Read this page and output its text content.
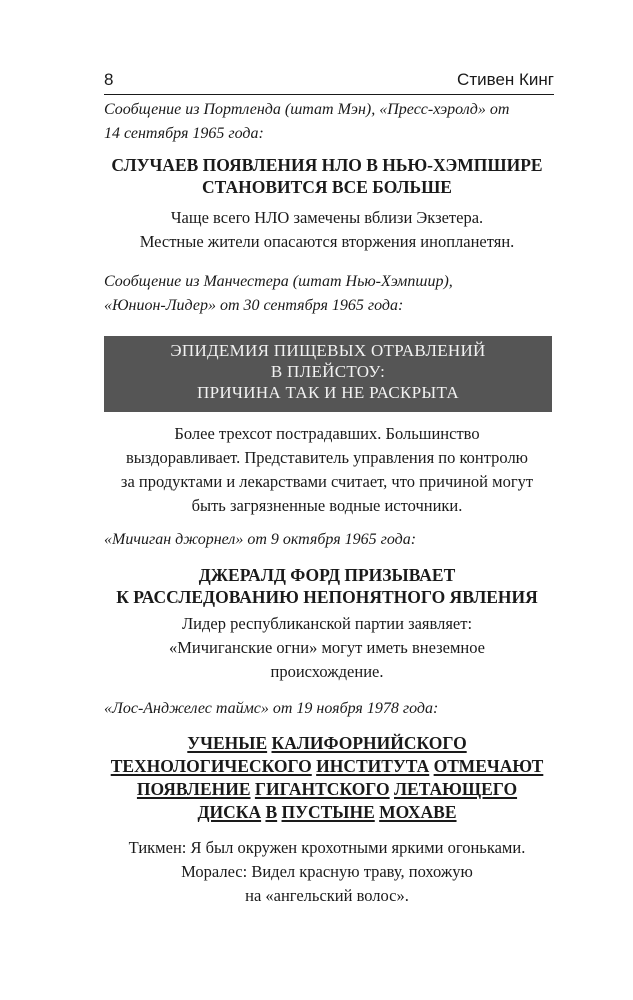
8	Стивен Кинг
Сообщение из Портленда (штат Мэн), «Пресс-хэролд» от
14 сентября 1965 года:
СЛУЧАЕВ ПОЯВЛЕНИЯ НЛО В НЬЮ-ХЭМПШИРЕ
СТАНОВИТСЯ ВСЕ БОЛЬШЕ
Чаще всего НЛО замечены вблизи Экзетера.
Местные жители опасаются вторжения инопланетян.
Сообщение из Манчестера (штат Нью-Хэмпшир),
«Юнион-Лидер» от 30 сентября 1965 года:
ЭПИДЕМИЯ ПИЩЕВЫХ ОТРАВЛЕНИЙ
В ПЛЕЙСТОУ:
ПРИЧИНА ТАК И НЕ РАСКРЫТА
Более трехсот пострадавших. Большинство
выздоравливает. Представитель управления по контролю
за продуктами и лекарствами считает, что причиной могут
быть загрязненные водные источники.
«Мичиган джорнел» от 9 октября 1965 года:
ДЖЕРАЛД ФОРД ПРИЗЫВАЕТ
К РАССЛЕДОВАНИЮ НЕПОНЯТНОГО ЯВЛЕНИЯ
Лидер республиканской партии заявляет:
«Мичиганские огни» могут иметь внеземное
происхождение.
«Лос-Анджелес таймс» от 19 ноября 1978 года:
УЧЕНЫЕ КАЛИФОРНИЙСКОГО
ТЕХНОЛОГИЧЕСКОГО ИНСТИТУТА ОТМЕЧАЮТ
ПОЯВЛЕНИЕ ГИГАНТСКОГО ЛЕТАЮЩЕГО
ДИСКА В ПУСТЫНЕ МОХАВЕ
Тикмен: Я был окружен крохотными яркими огоньками.
Моралес: Видел красную траву, похожую
на «ангельский волос».
